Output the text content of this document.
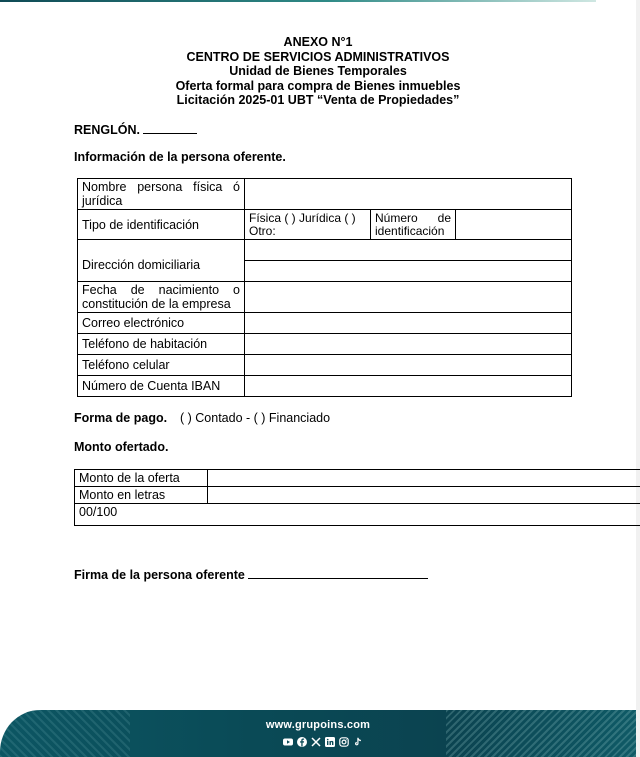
ANEXO N°1
CENTRO DE SERVICIOS ADMINISTRATIVOS
Unidad de Bienes Temporales
Oferta formal para compra de Bienes inmuebles
Licitación 2025-01 UBT “Venta de Propiedades”
RENGLÓN.
Información de la persona oferente.
Nombre persona física ó jurídica			
Tipo de identificación	Física ( ) Jurídica ( ) Otro:	Número de identificación	
Dirección domiciliaria			

Fecha de nacimiento o constitución de la empresa			
Correo electrónico			
Teléfono de habitación			
Teléfono celular			
Número de Cuenta IBAN			
Forma de pago. ( ) Contado - ( ) Financiado
Monto ofertado.
Monto de la oferta	
Monto en letras	
00/100	
Firma de la persona oferente
www.grupoins.com
